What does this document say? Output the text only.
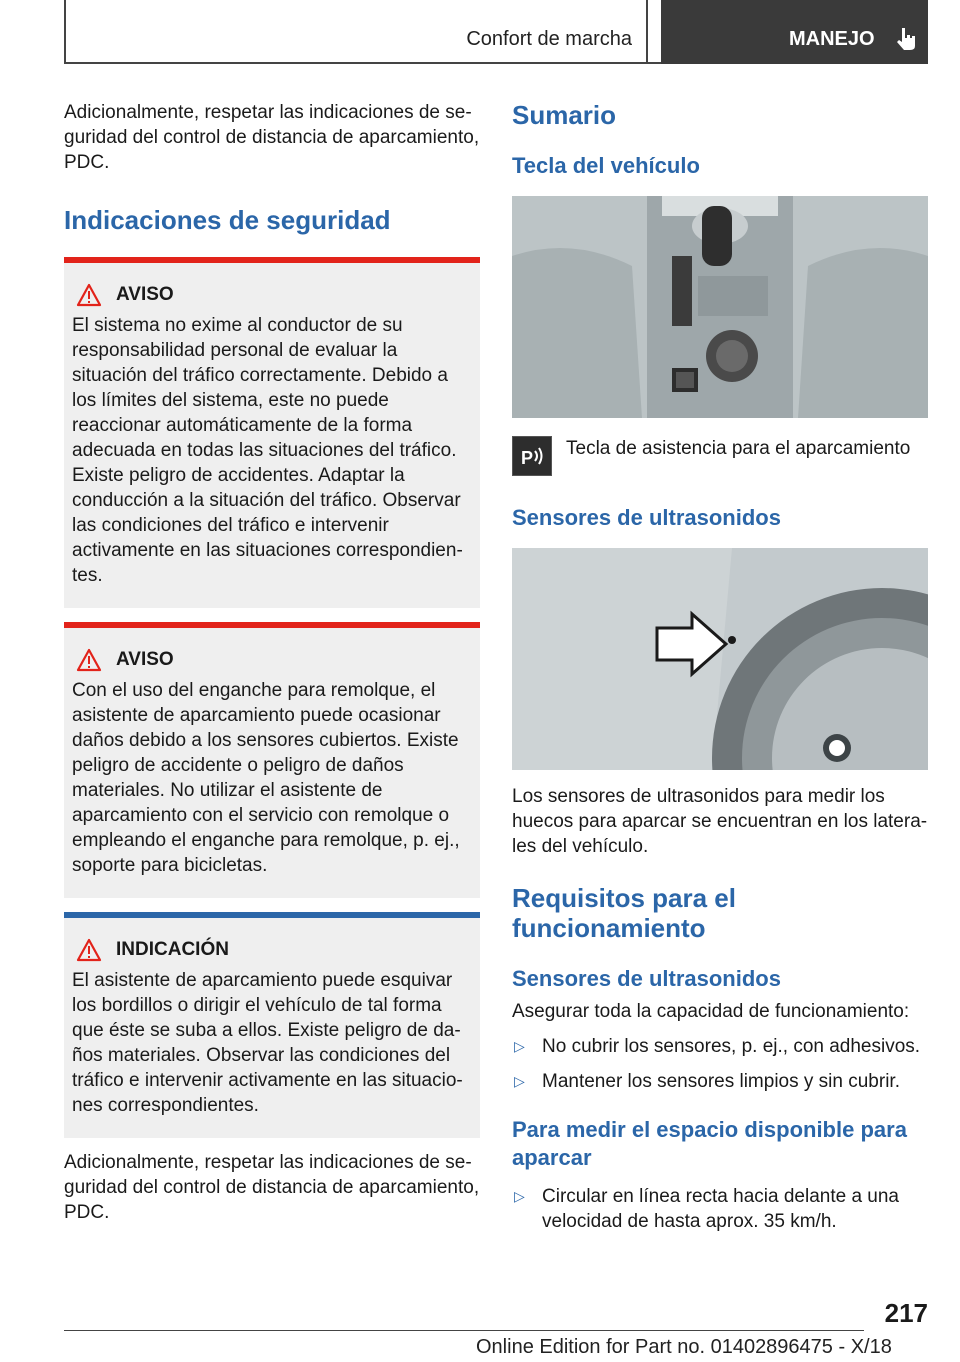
Confort de marcha	MANEJO

Adicionalmente, respetar las indicaciones de seguridad del control de distancia de aparcamiento, PDC.

Indicaciones de seguridad
AVISO

El sistema no exime al conductor de su responsabilidad personal de evaluar la situación del tráfico correctamente. Debido a los límites del sistema, este no puede reaccionar automáticamente de la forma adecuada en todas las situaciones del tráfico. Existe peligro de accidentes. Adaptar la conducción a la situación del tráfico. Observar las condiciones del tráfico e intervenir activamente en las situaciones correspondientes.

AVISO

Con el uso del enganche para remolque, el asistente de aparcamiento puede ocasionar daños debido a los sensores cubiertos. Existe peligro de accidente o peligro de daños materiales. No utilizar el asistente de aparcamiento con el servicio con remolque o empleando el enganche para remolque, p. ej., soporte para bicicletas.

INDICACIÓN

El asistente de aparcamiento puede esquivar los bordillos o dirigir el vehículo de tal forma que éste se suba a ellos. Existe peligro de daños materiales. Observar las condiciones del tráfico e intervenir activamente en las situaciones correspondientes.

Adicionalmente, respetar las indicaciones de seguridad del control de distancia de aparcamiento, PDC.

Sumario
Tecla del vehículo
P Tecla de asistencia para el aparcamiento

Sensores de ultrasonidos

Los sensores de ultrasonidos para medir los huecos para aparcar se encuentran en los laterales del vehículo.

Requisitos para el funcionamiento
Sensores de ultrasonidos

Asegurar toda la capacidad de funcionamiento:

▷ No cubrir los sensores, p. ej., con adhesivos.
▷ Mantener los sensores limpios y sin cubrir.
Para medir el espacio disponible para aparcar
▷ Circular en línea recta hacia delante a una velocidad de hasta aprox. 35 km/h.
217
Online Edition for Part no. 01402896475 - X/18
